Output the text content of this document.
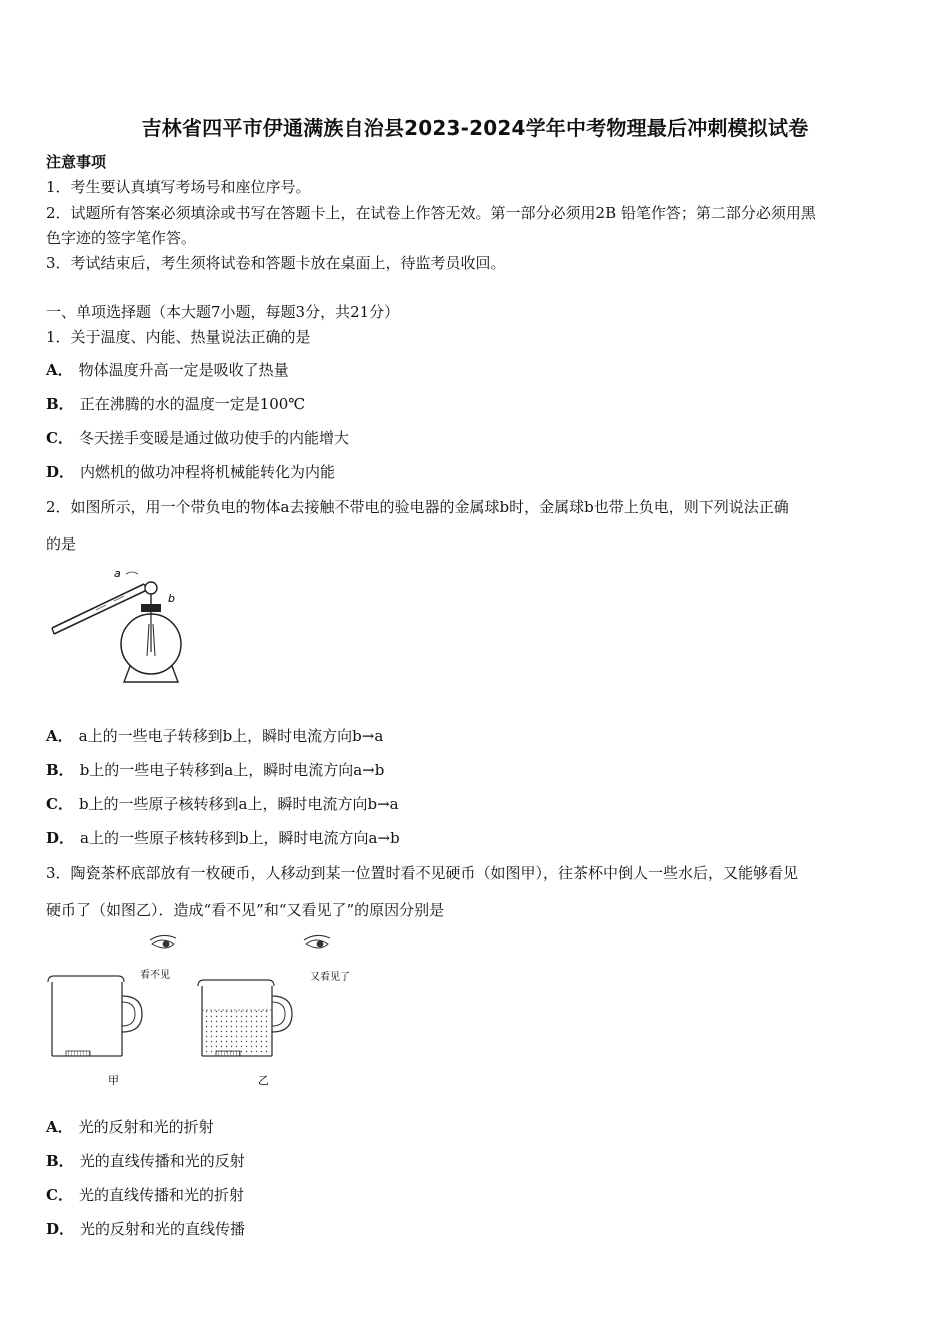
吉林省四平市伊通满族自治县2023-2024学年中考物理最后冲刺模拟试卷
注意事项
1．考生要认真填写考场号和座位序号。
2．试题所有答案必须填涂或书写在答题卡上，在试卷上作答无效。第一部分必须用2B 铅笔作答；第二部分必须用黑
色字迹的签字笔作答。
3．考试结束后，考生须将试卷和答题卡放在桌面上，待监考员收回。
一、单项选择题（本大题7小题，每题3分，共21分）
1．关于温度、内能、热量说法正确的是
A． 物体温度升高一定是吸收了热量
B． 正在沸腾的水的温度一定是100℃
C． 冬天搓手变暖是通过做功使手的内能增大
D． 内燃机的做功冲程将机械能转化为内能
2．如图所示，用一个带负电的物体a去接触不带电的验电器的金属球b时，金属球b也带上负电，则下列说法正确
的是
a
b
A． a上的一些电子转移到b上，瞬时电流方向b→a
B． b上的一些电子转移到a上，瞬时电流方向a→b
C． b上的一些原子核转移到a上，瞬时电流方向b→a
D． a上的一些原子核转移到b上，瞬时电流方向a→b
3．陶瓷茶杯底部放有一枚硬币，人移动到某一位置时看不见硬币（如图甲），往茶杯中倒人一些水后，又能够看见
硬币了（如图乙）．造成“看不见”和“又看见了”的原因分别是
看不见
甲
又看见了
乙
A． 光的反射和光的折射
B． 光的直线传播和光的反射
C． 光的直线传播和光的折射
D． 光的反射和光的直线传播
